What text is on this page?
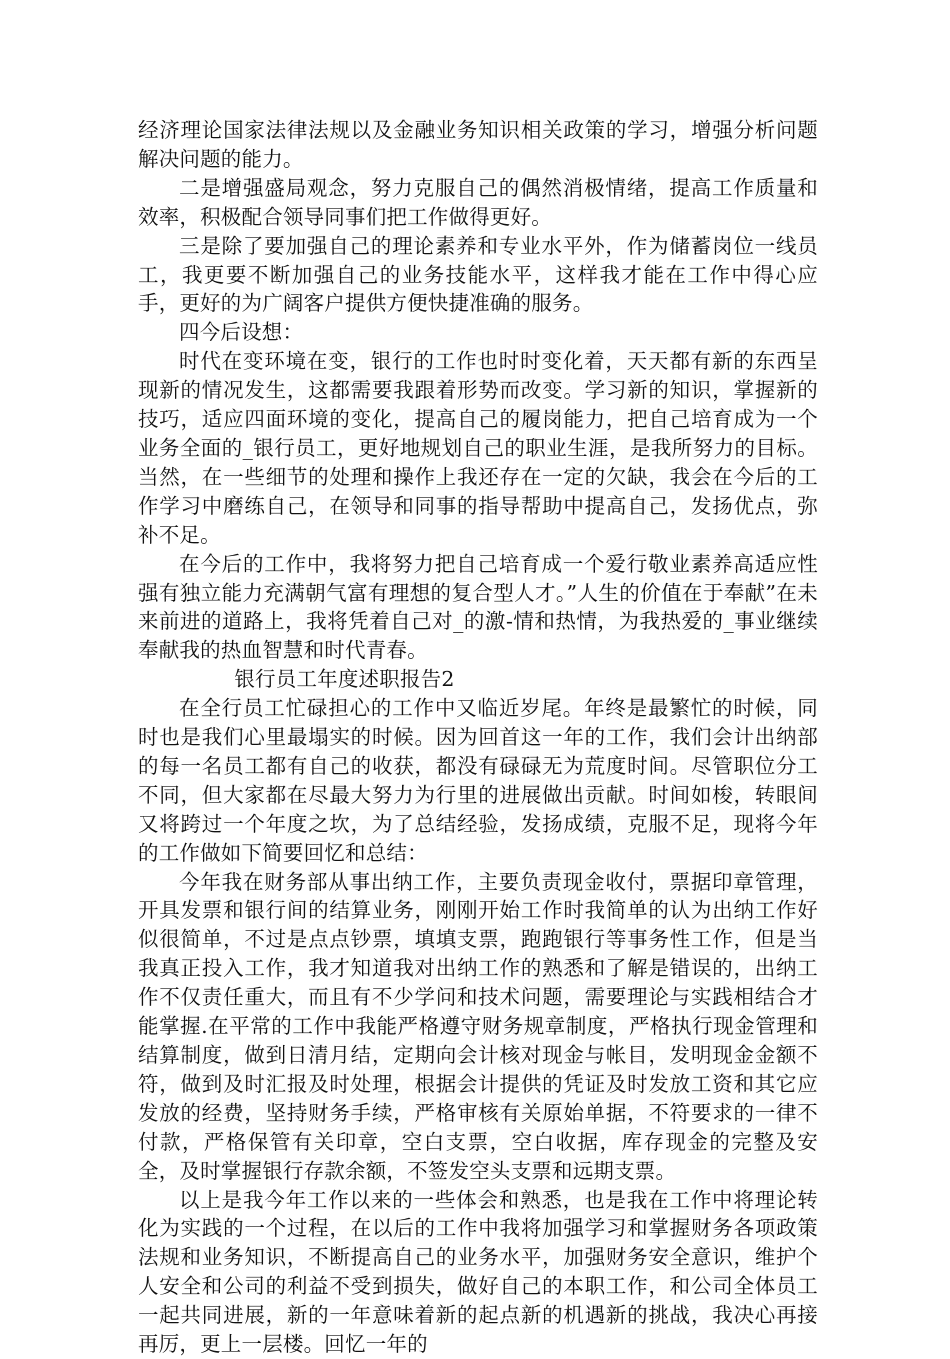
经济理论国家法律法规以及金融业务知识相关政策的学习，增强分析问题解决问题的能力。

二是增强盛局观念，努力克服自己的偶然消极情绪，提高工作质量和效率，积极配合领导同事们把工作做得更好。

三是除了要加强自己的理论素养和专业水平外，作为储蓄岗位一线员工，我更要不断加强自己的业务技能水平，这样我才能在工作中得心应手，更好的为广阔客户提供方便快捷准确的服务。

四今后设想：

时代在变环境在变，银行的工作也时时变化着，天天都有新的东西呈现新的情况发生，这都需要我跟着形势而改变。学习新的知识，掌握新的技巧，适应四面环境的变化，提高自己的履岗能力，把自己培育成为一个业务全面的_银行员工，更好地规划自己的职业生涯，是我所努力的目标。当然，在一些细节的处理和操作上我还存在一定的欠缺，我会在今后的工作学习中磨练自己，在领导和同事的指导帮助中提高自己，发扬优点，弥补不足。

在今后的工作中，我将努力把自己培育成一个爱行敬业素养高适应性强有独立能力充满朝气富有理想的复合型人才。”人生的价值在于奉献”在未来前进的道路上，我将凭着自己对_的激-情和热情，为我热爱的_事业继续奉献我的热血智慧和时代青春。

银行员工年度述职报告2

在全行员工忙碌担心的工作中又临近岁尾。年终是最繁忙的时候，同时也是我们心里最塌实的时候。因为回首这一年的工作，我们会计出纳部的每一名员工都有自己的收获，都没有碌碌无为荒度时间。尽管职位分工不同，但大家都在尽最大努力为行里的进展做出贡献。时间如梭，转眼间又将跨过一个年度之坎，为了总结经验，发扬成绩，克服不足，现将今年的工作做如下简要回忆和总结：

今年我在财务部从事出纳工作，主要负责现金收付，票据印章管理，开具发票和银行间的结算业务，刚刚开始工作时我简单的认为出纳工作好似很简单，不过是点点钞票，填填支票，跑跑银行等事务性工作，但是当我真正投入工作，我才知道我对出纳工作的熟悉和了解是错误的，出纳工作不仅责任重大，而且有不少学问和技术问题，需要理论与实践相结合才能掌握.在平常的工作中我能严格遵守财务规章制度，严格执行现金管理和结算制度，做到日清月结，定期向会计核对现金与帐目，发明现金金额不符，做到及时汇报及时处理，根据会计提供的凭证及时发放工资和其它应发放的经费，坚持财务手续，严格审核有关原始单据，不符要求的一律不付款，严格保管有关印章，空白支票，空白收据，库存现金的完整及安全，及时掌握银行存款余额，不签发空头支票和远期支票。

以上是我今年工作以来的一些体会和熟悉，也是我在工作中将理论转化为实践的一个过程，在以后的工作中我将加强学习和掌握财务各项政策法规和业务知识，不断提高自己的业务水平，加强财务安全意识，维护个人安全和公司的利益不受到损失，做好自己的本职工作，和公司全体员工一起共同进展，新的一年意味着新的起点新的机遇新的挑战，我决心再接再厉，更上一层楼。回忆一年的
